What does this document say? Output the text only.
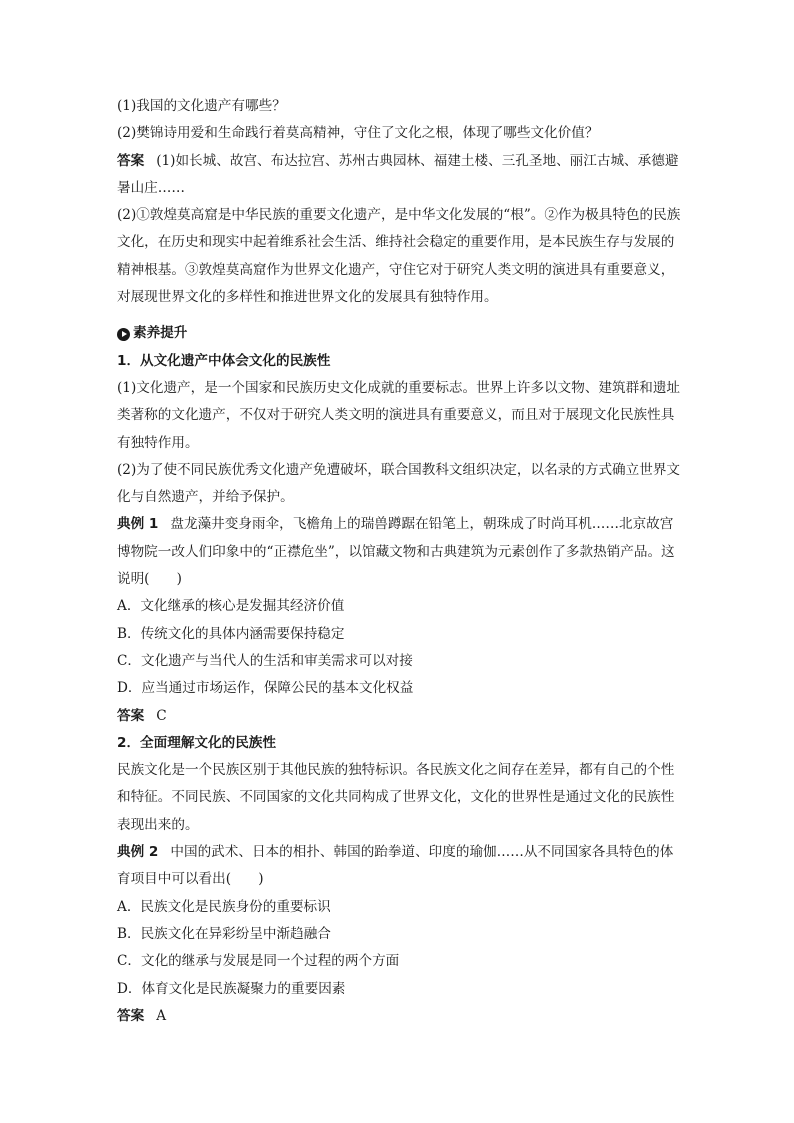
(1)我国的文化遗产有哪些？

(2)樊锦诗用爱和生命践行着莫高精神，守住了文化之根，体现了哪些文化价值？

答案 (1)如长城、故宫、布达拉宫、苏州古典园林、福建土楼、三孔圣地、丽江古城、承德避暑山庄……

(2)①敦煌莫高窟是中华民族的重要文化遗产，是中华文化发展的“根”。②作为极具特色的民族文化，在历史和现实中起着维系社会生活、维持社会稳定的重要作用，是本民族生存与发展的精神根基。③敦煌莫高窟作为世界文化遗产，守住它对于研究人类文明的演进具有重要意义，对展现世界文化的多样性和推进世界文化的发展具有独特作用。

素养提升

1．从文化遗产中体会文化的民族性

(1)文化遗产，是一个国家和民族历史文化成就的重要标志。世界上许多以文物、建筑群和遗址类著称的文化遗产，不仅对于研究人类文明的演进具有重要意义，而且对于展现文化民族性具有独特作用。

(2)为了使不同民族优秀文化遗产免遭破坏，联合国教科文组织决定，以名录的方式确立世界文化与自然遗产，并给予保护。

典例 1 盘龙藻井变身雨伞，飞檐角上的瑞兽蹲踞在铅笔上，朝珠成了时尚耳机……北京故宫博物院一改人们印象中的“正襟危坐”，以馆藏文物和古典建筑为元素创作了多款热销产品。这说明(　　)

A．文化继承的核心是发掘其经济价值

B．传统文化的具体内涵需要保持稳定

C．文化遗产与当代人的生活和审美需求可以对接

D．应当通过市场运作，保障公民的基本文化权益

答案 C

2．全面理解文化的民族性

民族文化是一个民族区别于其他民族的独特标识。各民族文化之间存在差异，都有自己的个性和特征。不同民族、不同国家的文化共同构成了世界文化，文化的世界性是通过文化的民族性表现出来的。

典例 2 中国的武术、日本的相扑、韩国的跆拳道、印度的瑜伽……从不同国家各具特色的体育项目中可以看出(　　)

A．民族文化是民族身份的重要标识

B．民族文化在异彩纷呈中渐趋融合

C．文化的继承与发展是同一个过程的两个方面

D．体育文化是民族凝聚力的重要因素

答案 A
